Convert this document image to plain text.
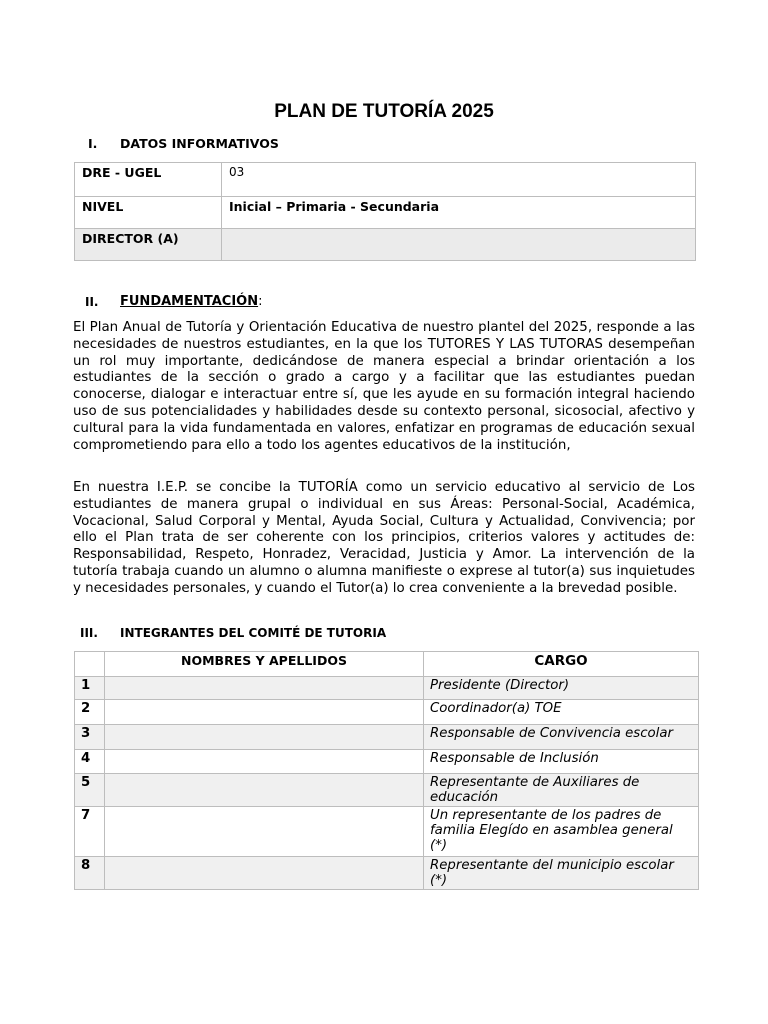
PLAN DE TUTORÍA 2025
I. DATOS INFORMATIVOS
DRE - UGEL	03
NIVEL	Inicial – Primaria - Secundaria
DIRECTOR (A)	
II. FUNDAMENTACIÓN:

El Plan Anual de Tutoría y Orientación Educativa de nuestro plantel del 2025, responde a las necesidades de nuestros estudiantes, en la que los TUTORES Y LAS TUTORAS desempeñan un rol muy importante, dedicándose de manera especial a brindar orientación a los estudiantes de la sección o grado a cargo y a facilitar que las estudiantes puedan conocerse, dialogar e interactuar entre sí, que les ayude en su formación integral haciendo uso de sus potencialidades y habilidades desde su contexto personal, sicosocial, afectivo y cultural para la vida fundamentada en valores, enfatizar en programas de educación sexual comprometiendo para ello a todo los agentes educativos de la institución,

En nuestra I.E.P. se concibe la TUTORÍA como un servicio educativo al servicio de Los estudiantes de manera grupal o individual en sus Áreas: Personal-Social, Académica, Vocacional, Salud Corporal y Mental, Ayuda Social, Cultura y Actualidad, Convivencia; por ello el Plan trata de ser coherente con los principios, criterios valores y actitudes de: Responsabilidad, Respeto, Honradez, Veracidad, Justicia y Amor. La intervención de la tutoría trabaja cuando un alumno o alumna manifieste o exprese al tutor(a) sus inquietudes y necesidades personales, y cuando el Tutor(a) lo crea conveniente a la brevedad posible.

III. INTEGRANTES DEL COMITÉ DE TUTORIA
	NOMBRES Y APELLIDOS	CARGO
1		Presidente (Director)
2		Coordinador(a) TOE
3		Responsable de Convivencia escolar
4		Responsable de Inclusión
5		Representante de Auxiliares de educación
7		Un representante de los padres de familia Elegído en asamblea general (*)
8		Representante del municipio escolar (*)
